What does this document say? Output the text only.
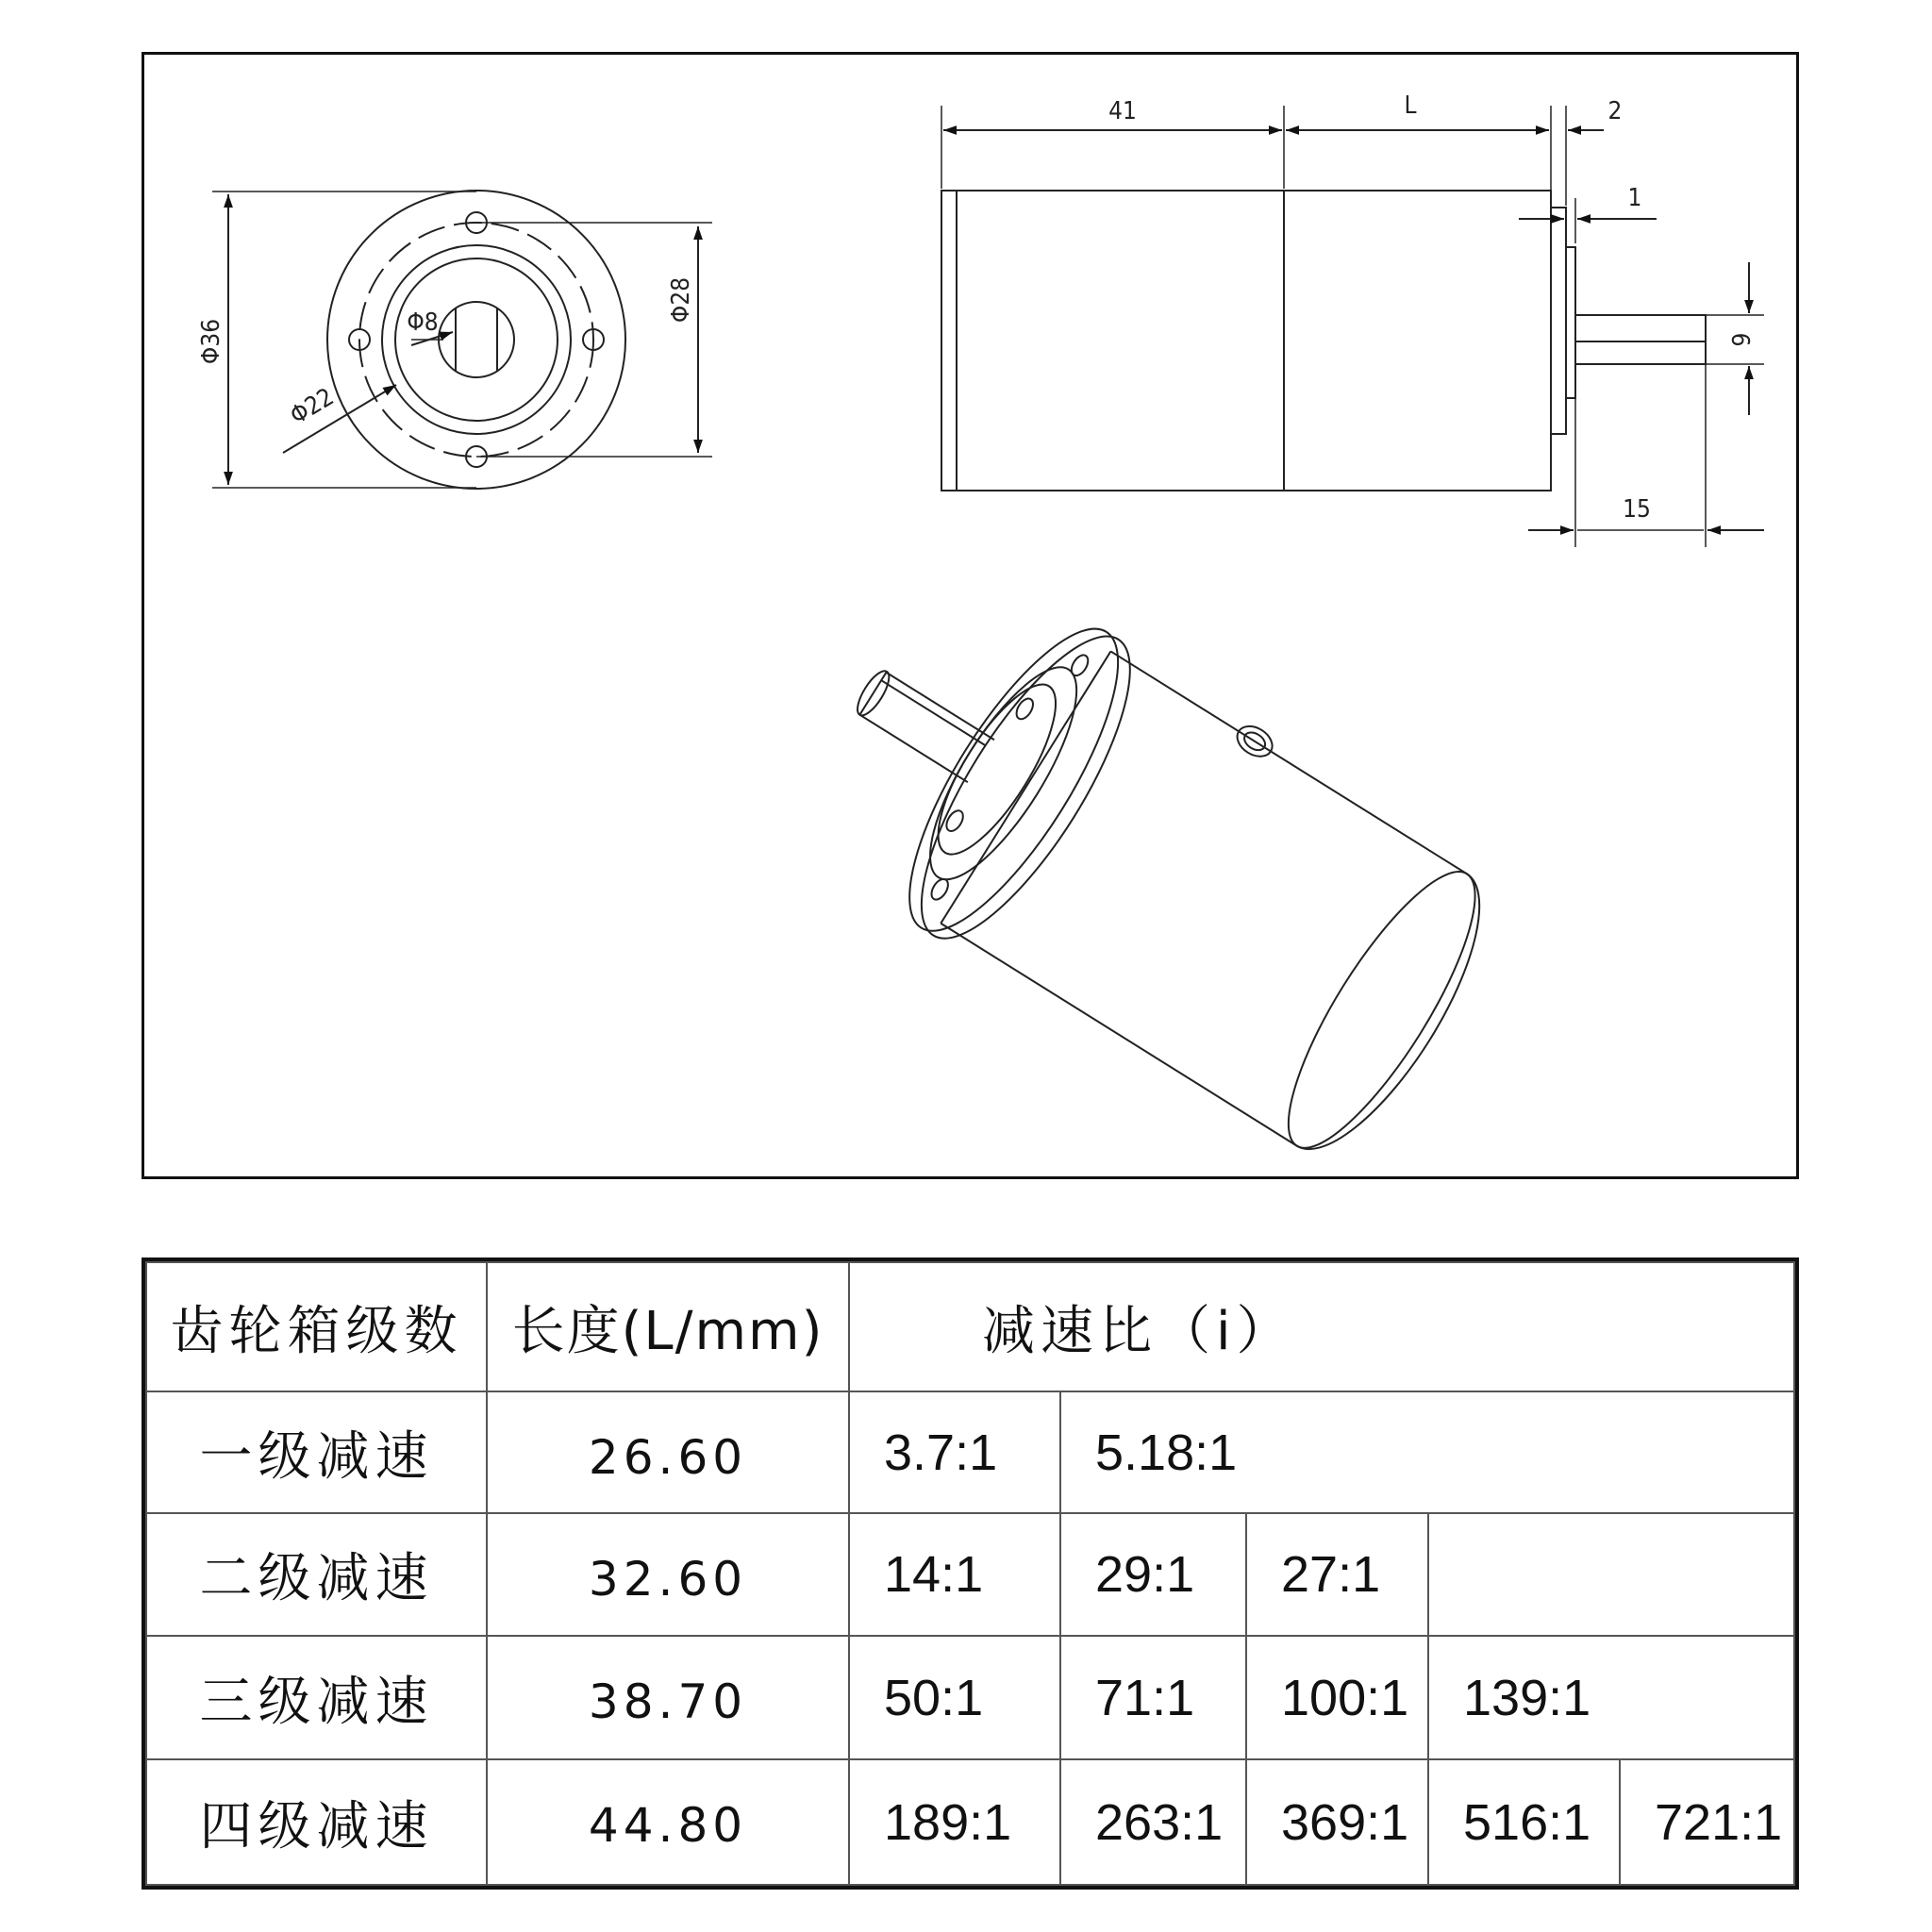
Φ36
Φ28
Φ22
Φ8
41	L	2
1
6
15
齿轮箱级数	长度(L/mm)	减速比（i）				
一级减速	26.60	3.7:1	5.18:1			
二级减速	32.60	14:1	29:1	27:1		
三级减速	38.70	50:1	71:1	100:1	139:1	
四级减速	44.80	189:1	263:1	369:1	516:1	721:1
